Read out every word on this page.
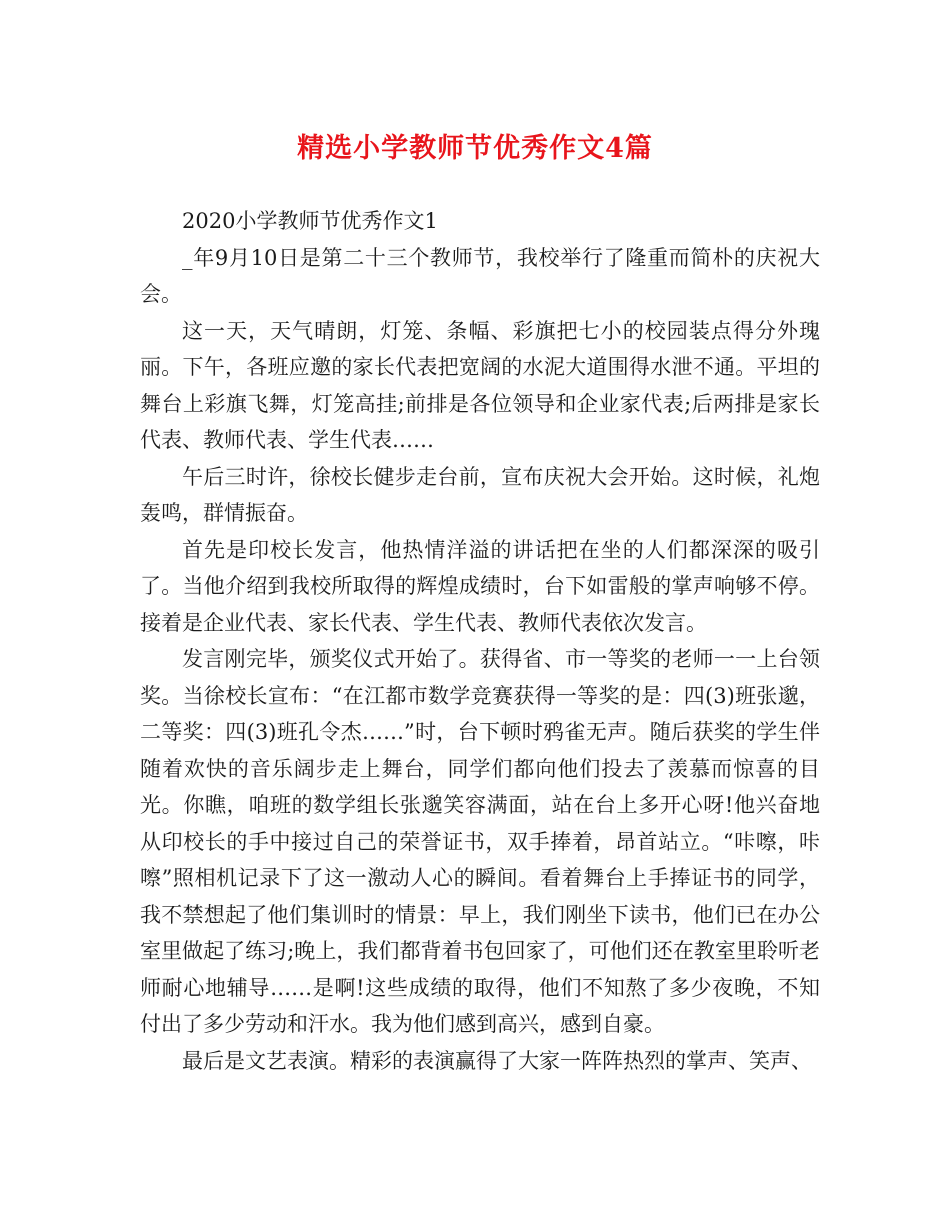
精选小学教师节优秀作文4篇

2020小学教师节优秀作文1

_年9月10日是第二十三个教师节，我校举行了隆重而简朴的庆祝大会。

这一天，天气晴朗，灯笼、条幅、彩旗把七小的校园装点得分外瑰丽。下午，各班应邀的家长代表把宽阔的水泥大道围得水泄不通。平坦的舞台上彩旗飞舞，灯笼高挂;前排是各位领导和企业家代表;后两排是家长代表、教师代表、学生代表……

午后三时许，徐校长健步走台前，宣布庆祝大会开始。这时候，礼炮轰鸣，群情振奋。

首先是印校长发言，他热情洋溢的讲话把在坐的人们都深深的吸引了。当他介绍到我校所取得的辉煌成绩时，台下如雷般的掌声响够不停。接着是企业代表、家长代表、学生代表、教师代表依次发言。

发言刚完毕，颁奖仪式开始了。获得省、市一等奖的老师一一上台领奖。当徐校长宣布：“在江都市数学竞赛获得一等奖的是：四(3)班张邈，二等奖：四(3)班孔令杰……”时，台下顿时鸦雀无声。随后获奖的学生伴随着欢快的音乐阔步走上舞台，同学们都向他们投去了羡慕而惊喜的目光。你瞧，咱班的数学组长张邈笑容满面，站在台上多开心呀!他兴奋地从印校长的手中接过自己的荣誉证书，双手捧着，昂首站立。“咔嚓，咔嚓”照相机记录下了这一激动人心的瞬间。看着舞台上手捧证书的同学，我不禁想起了他们集训时的情景：早上，我们刚坐下读书，他们已在办公室里做起了练习;晚上，我们都背着书包回家了，可他们还在教室里聆听老师耐心地辅导……是啊!这些成绩的取得，他们不知熬了多少夜晚，不知付出了多少劳动和汗水。我为他们感到高兴，感到自豪。

最后是文艺表演。精彩的表演赢得了大家一阵阵热烈的掌声、笑声、
